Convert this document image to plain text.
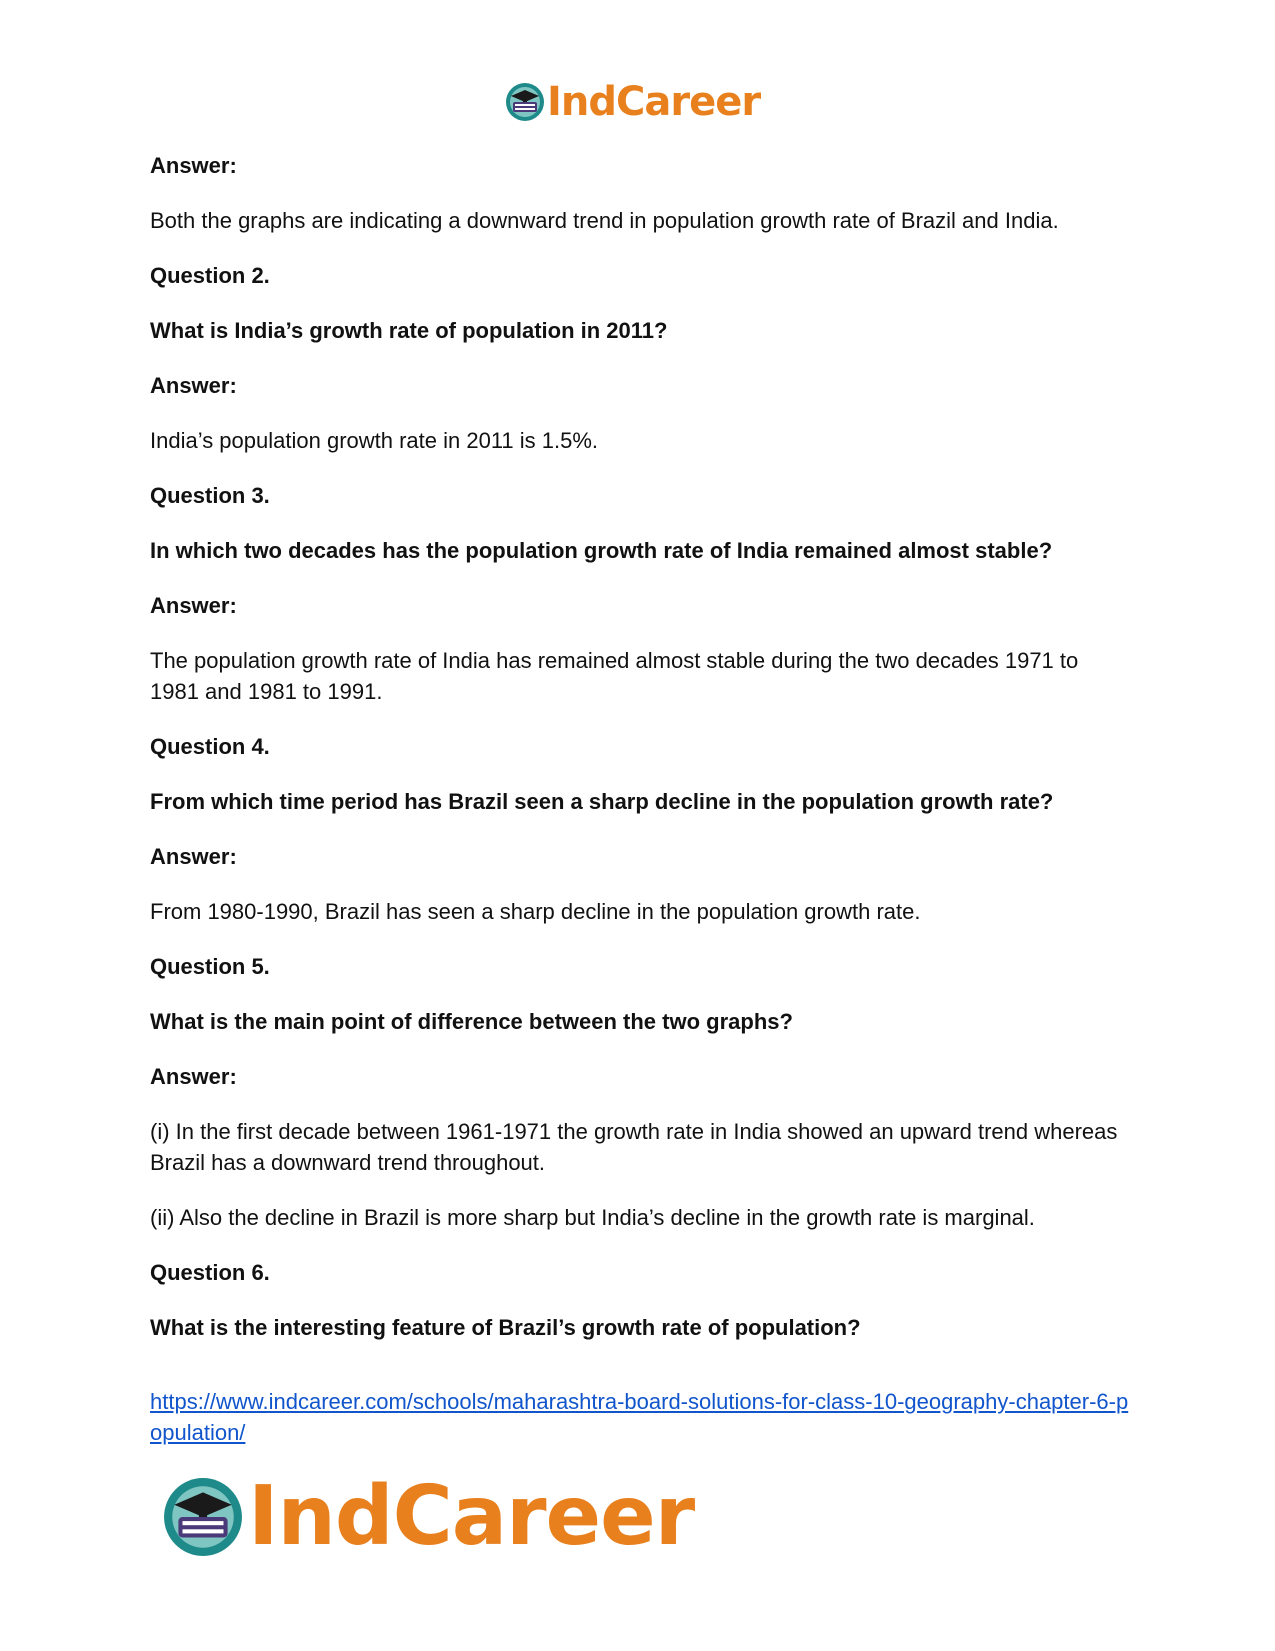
IndCareer

Answer:

Both the graphs are indicating a downward trend in population growth rate of Brazil and India.

Question 2.

What is India’s growth rate of population in 2011?

Answer:

India’s population growth rate in 2011 is 1.5%.

Question 3.

In which two decades has the population growth rate of India remained almost stable?

Answer:

The population growth rate of India has remained almost stable during the two decades 1971 to 1981 and 1981 to 1991.

Question 4.

From which time period has Brazil seen a sharp decline in the population growth rate?

Answer:

From 1980-1990, Brazil has seen a sharp decline in the population growth rate.

Question 5.

What is the main point of difference between the two graphs?

Answer:

(i) In the first decade between 1961-1971 the growth rate in India showed an upward trend whereas Brazil has a downward trend throughout.

(ii) Also the decline in Brazil is more sharp but India’s decline in the growth rate is marginal.

Question 6.

What is the interesting feature of Brazil’s growth rate of population?

https://www.indcareer.com/schools/maharashtra-board-solutions-for-class-10-geography-chapter-6-population/
IndCareer
